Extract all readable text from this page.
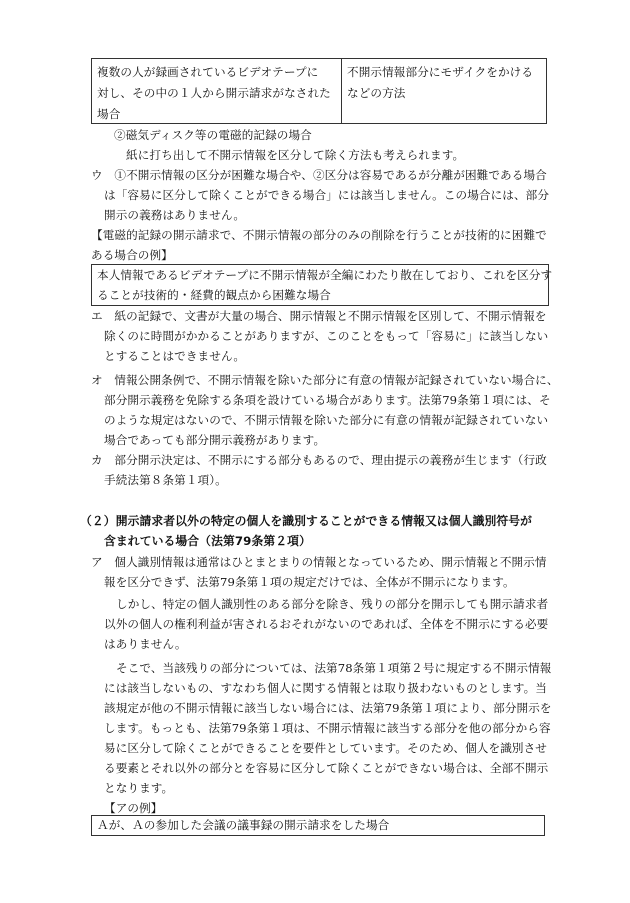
複数の人が録画されているビデオテープに
対し、その中の１人から開示請求がなされた
場合
不開示情報部分にモザイクをかける
などの方法
②磁気ディスク等の電磁的記録の場合
紙に打ち出して不開示情報を区分して除く方法も考えられます。
ウ　①不開示情報の区分が困難な場合や、②区分は容易であるが分離が困難である場合
は「容易に区分して除くことができる場合」には該当しません。この場合には、部分
開示の義務はありません。
【電磁的記録の開示請求で、不開示情報の部分のみの削除を行うことが技術的に困難で
ある場合の例】
本人情報であるビデオテープに不開示情報が全編にわたり散在しており、これを区分す
ることが技術的・経費的観点から困難な場合
エ　紙の記録で、文書が大量の場合、開示情報と不開示情報を区別して、不開示情報を
除くのに時間がかかることがありますが、このことをもって「容易に」に該当しない
とすることはできません。
オ　情報公開条例で、不開示情報を除いた部分に有意の情報が記録されていない場合に、
部分開示義務を免除する条項を設けている場合があります。法第79条第１項には、そ
のような規定はないので、不開示情報を除いた部分に有意の情報が記録されていない
場合であっても部分開示義務があります。
カ　部分開示決定は、不開示にする部分もあるので、理由提示の義務が生じます（行政
手続法第８条第１項）。
（２）開示請求者以外の特定の個人を識別することができる情報又は個人識別符号が
含まれている場合（法第79条第２項）
ア　個人識別情報は通常はひとまとまりの情報となっているため、開示情報と不開示情
報を区分できず、法第79条第１項の規定だけでは、全体が不開示になります。
しかし、特定の個人識別性のある部分を除き、残りの部分を開示しても開示請求者
以外の個人の権利利益が害されるおそれがないのであれば、全体を不開示にする必要
はありません。
そこで、当該残りの部分については、法第78条第１項第２号に規定する不開示情報
には該当しないもの、すなわち個人に関する情報とは取り扱わないものとします。当
該規定が他の不開示情報に該当しない場合には、法第79条第１項により、部分開示を
します。もっとも、法第79条第１項は、不開示情報に該当する部分を他の部分から容
易に区分して除くことができることを要件としています。そのため、個人を識別させ
る要素とそれ以外の部分とを容易に区分して除くことができない場合は、全部不開示
となります。
【アの例】
Ａが、Ａの参加した会議の議事録の開示請求をした場合
